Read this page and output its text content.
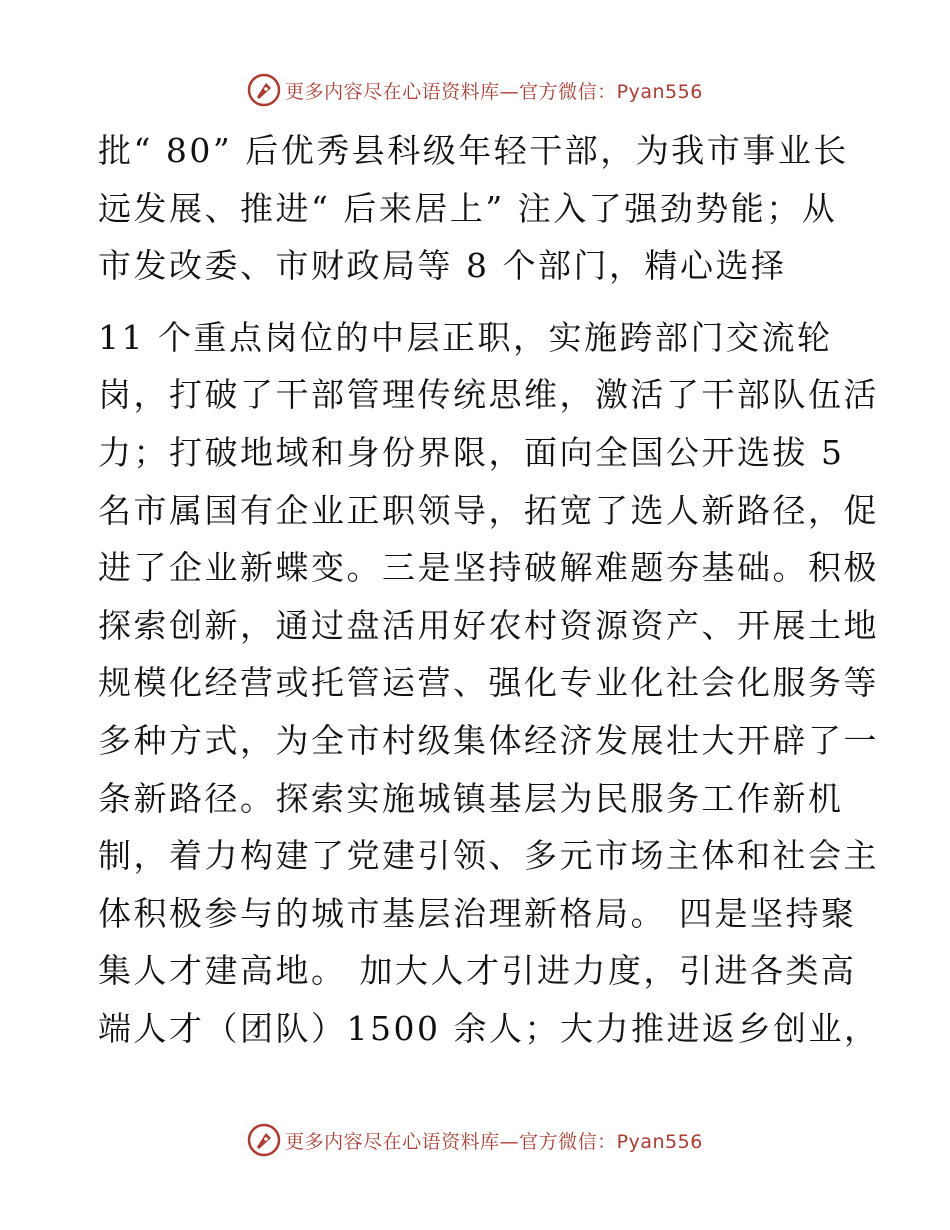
更多内容尽在心语资料库—官方微信：Pyan556
批“ 80” 后优秀县科级年轻干部，为我市事业长
远发展、推进“ 后来居上” 注入了强劲势能；从
市发改委、市财政局等 8 个部门，精心选择
11 个重点岗位的中层正职，实施跨部门交流轮
岗，打破了干部管理传统思维，激活了干部队伍活
力；打破地域和身份界限，面向全国公开选拔 5
名市属国有企业正职领导，拓宽了选人新路径，促
进了企业新蝶变。三是坚持破解难题夯基础。积极
探索创新，通过盘活用好农村资源资产、开展土地
规模化经营或托管运营、强化专业化社会化服务等
多种方式，为全市村级集体经济发展壮大开辟了一
条新路径。探索实施城镇基层为民服务工作新机
制，着力构建了党建引领、多元市场主体和社会主
体积极参与的城市基层治理新格局。 四是坚持聚
集人才建高地。 加大人才引进力度，引进各类高
端人才（团队）1500 余人；大力推进返乡创业，
更多内容尽在心语资料库—官方微信：Pyan556
